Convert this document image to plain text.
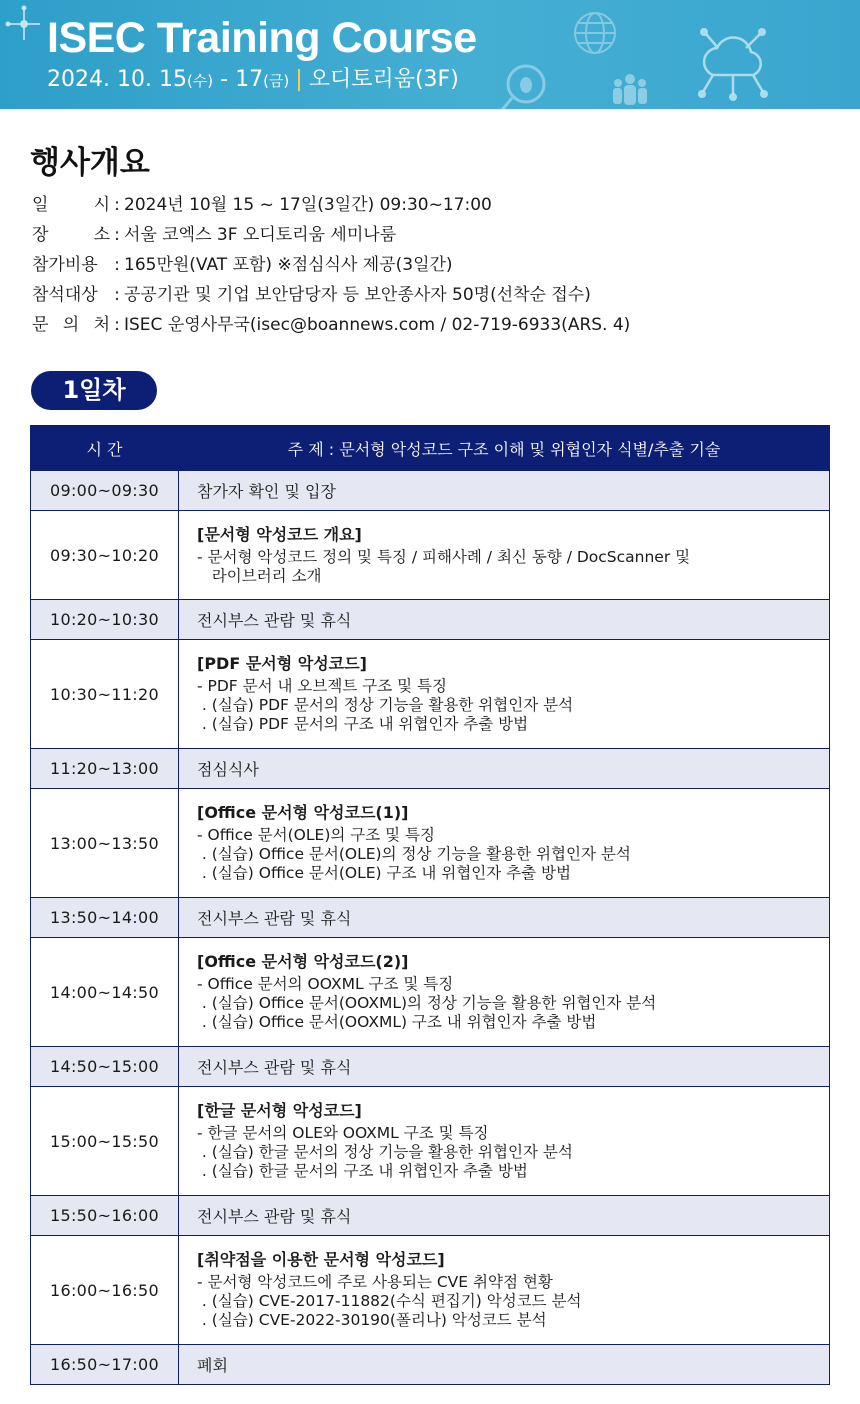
ISEC Training Course
2024. 10. 15(수) - 17(금) | 오디토리움(3F)
행사개요
일	시 : 2024년 10월 15 ~ 17일(3일간) 09:30~17:00
장	소 : 서울 코엑스 3F 오디토리움 세미나룸
참가비용 : 165만원(VAT 포함) ※점심식사 제공(3일간)
참석대상 : 공공기관 및 기업 보안담당자 등 보안종사자 50명(선착순 접수)
문 의 처 : ISEC 운영사무국(isec@boannews.com / 02-719-6933(ARS. 4)
1일차
시 간	주 제 : 문서형 악성코드 구조 이해 및 위협인자 식별/추출 기술
09:00~09:30	참가자 확인 및 입장
09:30~10:20	[문서형 악성코드 개요]
- 문서형 악성코드 정의 및 특징 / 피해사례 / 최신 동향 / DocScanner 및
라이브러리 소개

10:20~10:30	전시부스 관람 및 휴식
10:30~11:20	[PDF 문서형 악성코드]
- PDF 문서 내 오브젝트 구조 및 특징
. (실습) PDF 문서의 정상 기능을 활용한 위협인자 분석
. (실습) PDF 문서의 구조 내 위협인자 추출 방법

11:20~13:00	점심식사
13:00~13:50	[Office 문서형 악성코드(1)]
- Office 문서(OLE)의 구조 및 특징
. (실습) Office 문서(OLE)의 정상 기능을 활용한 위협인자 분석
. (실습) Office 문서(OLE) 구조 내 위협인자 추출 방법

13:50~14:00	전시부스 관람 및 휴식
14:00~14:50	[Office 문서형 악성코드(2)]
- Office 문서의 OOXML 구조 및 특징
. (실습) Office 문서(OOXML)의 정상 기능을 활용한 위협인자 분석
. (실습) Office 문서(OOXML) 구조 내 위협인자 추출 방법

14:50~15:00	전시부스 관람 및 휴식
15:00~15:50	[한글 문서형 악성코드]
- 한글 문서의 OLE와 OOXML 구조 및 특징
. (실습) 한글 문서의 정상 기능을 활용한 위협인자 분석
. (실습) 한글 문서의 구조 내 위협인자 추출 방법

15:50~16:00	전시부스 관람 및 휴식
16:00~16:50	[취약점을 이용한 문서형 악성코드]
- 문서형 악성코드에 주로 사용되는 CVE 취약점 현황
. (실습) CVE-2017-11882(수식 편집기) 악성코드 분석
. (실습) CVE-2022-30190(폴리나) 악성코드 분석

16:50~17:00	폐회
